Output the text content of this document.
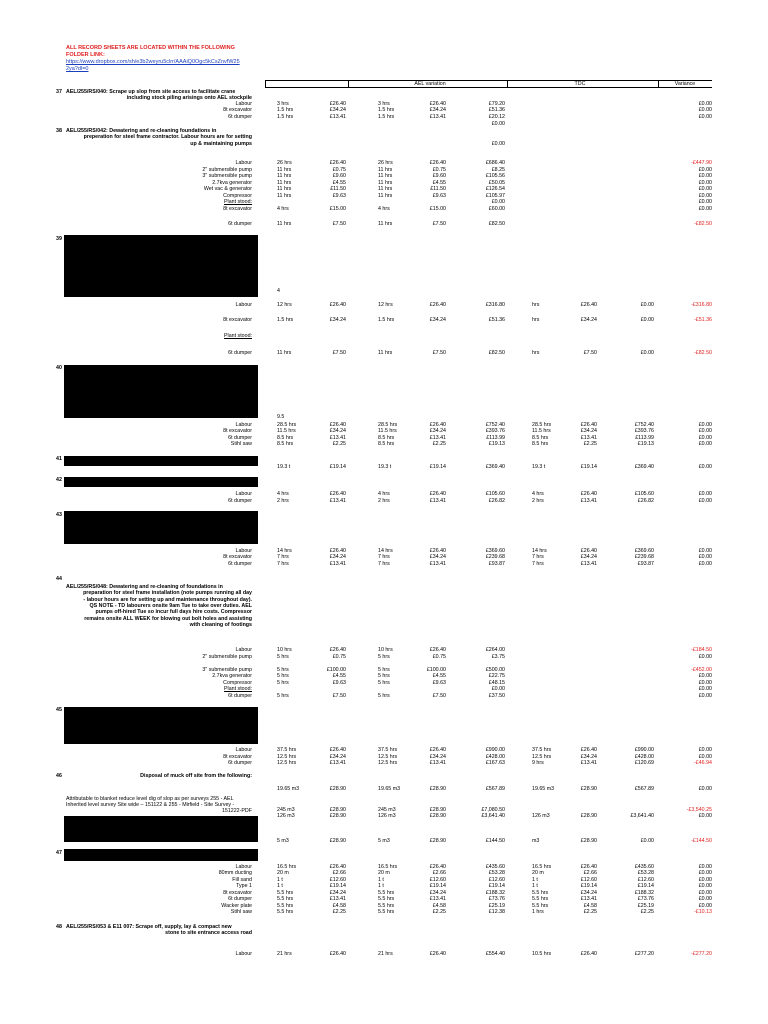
ALL RECORD SHEETS ARE LOCATED WITHIN THE FOLLOWING
FOLDER LINK:
https://www.dropbox.com/sh/e3b2weyru5clrr/AAAiQ0Ogc5kCsZnvfW25
2ya?dl=0
AEL variation	TDC	Variance
Attributable to blanket reduce level dig of slop as per surveys 255 - AEL
Inherited level survey Site wide – 151122 & 255 - Mirfield - Site Survey -
151222-PDF
37 AEL/255/RS/040: Scrape up slop from site access to facilitate crane
including stock piling arisings onto AEL stockpile
Labour	3 hrs	£26.40	3 hrs	£26.40	£79.20	£0.00
8t excavator	1.5 hrs	£34.24	1.5 hrs	£34.24	£51.36	£0.00
6t dumper	1.5 hrs	£13.41	1.5 hrs	£13.41	£20.12	£0.00
£0.00
38 AEL/255/RS/042: Dewatering and re-cleaning foundations in
preperation for steel frame contractor. Labour hours are for setting
up & maintaining pumps	£0.00
Labour	26 hrs	£26.40	26 hrs	£26.40	£686.40	-£447.90
2" submersible pump	11 hrs	£0.75	11 hrs	£0.75	£8.25	£0.00
3" submersible pump	11 hrs	£9.60	11 hrs	£9.60	£105.56	£0.00
2.7kva generator	11 hrs	£4.55	11 hrs	£4.55	£50.05	£0.00
Wet vac & generator	11 hrs	£11.50	11 hrs	£11.50	£126.54	£0.00
Compressor	11 hrs	£9.63	11 hrs	£9.63	£105.97	£0.00
Plant stood:	£0.00	£0.00
8t excavator	4 hrs	£15.00	4 hrs	£15.00	£60.00	£0.00
6t dumper	11 hrs	£7.50	11 hrs	£7.50	£82.50	-£82.50
39
4
Labour	12 hrs	£26.40	12 hrs	£26.40	£316.80	hrs	£26.40	£0.00	-£316.80
8t excavator	1.5 hrs	£34.24	1.5 hrs	£34.24	£51.36	hrs	£34.24	£0.00	-£51.36
Plant stood:
6t dumper	11 hrs	£7.50	11 hrs	£7.50	£82.50	hrs	£7.50	£0.00	-£82.50
40
9.5
Labour	28.5 hrs	£26.40	28.5 hrs	£26.40	£752.40	28.5 hrs	£26.40	£752.40	£0.00
8t excavator	11.5 hrs	£34.24	11.5 hrs	£34.24	£393.76	11.5 hrs	£34.24	£393.76	£0.00
6t dumper	8.5 hrs	£13.41	8.5 hrs	£13.41	£113.99	8.5 hrs	£13.41	£113.99	£0.00
Stihl saw	8.5 hrs	£2.25	8.5 hrs	£2.25	£19.13	8.5 hrs	£2.25	£19.13	£0.00
41
19.3 t	£19.14	19.3 t	£19.14	£369.40	19.3 t	£19.14	£369.40	£0.00
42
Labour	4 hrs	£26.40	4 hrs	£26.40	£105.60	4 hrs	£26.40	£105.60	£0.00
6t dumper	2 hrs	£13.41	2 hrs	£13.41	£26.82	2 hrs	£13.41	£26.82	£0.00
43
Labour	14 hrs	£26.40	14 hrs	£26.40	£369.60	14 hrs	£26.40	£369.60	£0.00
8t excavator	7 hrs	£34.24	7 hrs	£34.24	£239.68	7 hrs	£34.24	£239.68	£0.00
6t dumper	7 hrs	£13.41	7 hrs	£13.41	£93.87	7 hrs	£13.41	£93.87	£0.00
44
AEL/255/RS/048: Dewatering and re-cleaning of foundations in
preparation for steel frame installation (note pumps running all day
- labour hours are for setting up and maintenance throughout day).
QS NOTE - TD labourers onsite 9am Tue to take over duties. AEL
pumps off-hired Tue so incur full days hire costs. Compressor
remains onsite ALL WEEK for blowing out bolt holes and assisting
with cleaning of footings
Labour	10 hrs	£26.40	10 hrs	£26.40	£264.00	-£184.50
2" submersible pump	5 hrs	£0.75	5 hrs	£0.75	£3.75	£0.00
3" submersible pump	5 hrs	£100.00	5 hrs	£100.00	£500.00	-£452.00
2.7kva generator	5 hrs	£4.55	5 hrs	£4.55	£22.75	£0.00
Compressor	5 hrs	£9.63	5 hrs	£9.63	£48.15	£0.00
Plant stood:	£0.00	£0.00
6t dumper	5 hrs	£7.50	5 hrs	£7.50	£37.50	£0.00
45
Labour	37.5 hrs	£26.40	37.5 hrs	£26.40	£990.00	37.5 hrs	£26.40	£990.00	£0.00
8t excavator	12.5 hrs	£34.24	12.5 hrs	£34.24	£428.00	12.5 hrs	£34.24	£428.00	£0.00
6t dumper	12.5 hrs	£13.41	12.5 hrs	£13.41	£167.63	9 hrs	£13.41	£120.69	-£46.94
46	Disposal of muck off site from the following:
19.65 m3	£28.90	19.65 m3	£28.90	£567.89	19.65 m3	£28.90	£567.89	£0.00
245 m3	£28.90	245 m3	£28.90	£7,080.50	-£3,540.25
126 m3	£28.90	126 m3	£28.90	£3,641.40	126 m3	£28.90	£3,641.40	£0.00
5 m3	£28.90	5 m3	£28.90	£144.50	m3	£28.90	£0.00	-£144.50
47
Labour	16.5 hrs	£26.40	16.5 hrs	£26.40	£435.60	16.5 hrs	£26.40	£435.60	£0.00
80mm ducting	20 m	£2.66	20 m	£2.66	£53.28	20 m	£2.66	£53.28	£0.00
Fill sand	1 t	£12.60	1 t	£12.60	£12.60	1 t	£12.60	£12.60	£0.00
Type 1	1 t	£19.14	1 t	£19.14	£19.14	1 t	£19.14	£19.14	£0.00
8t excavator	5.5 hrs	£34.24	5.5 hrs	£34.24	£188.32	5.5 hrs	£34.24	£188.32	£0.00
6t dumper	5.5 hrs	£13.41	5.5 hrs	£13.41	£73.76	5.5 hrs	£13.41	£73.76	£0.00
Wacker plate	5.5 hrs	£4.58	5.5 hrs	£4.58	£25.19	5.5 hrs	£4.58	£25.19	£0.00
Stihl saw	5.5 hrs	£2.25	5.5 hrs	£2.25	£12.38	1 hrs	£2.25	£2.25	-£10.13
48 AEL/255/RS/053 & E11 007: Scrape off, supply, lay & compact new
stone to site entrance access road
Labour	21 hrs	£26.40	21 hrs	£26.40	£554.40	10.5 hrs	£26.40	£277.20	-£277.20
